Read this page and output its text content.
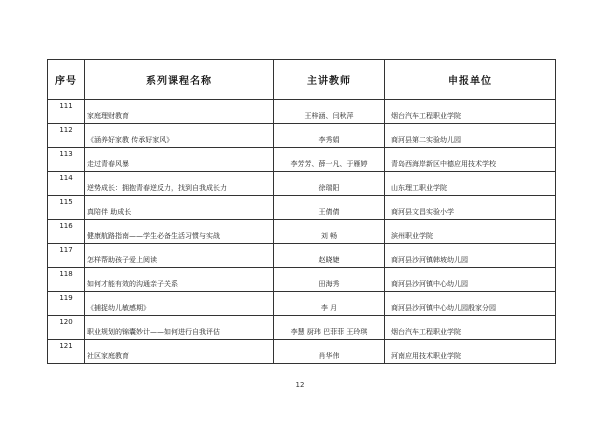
序号	系列课程名称	主讲教师	申报单位
111	家庭理财教育	王梓涵、闫秋萍	烟台汽车工程职业学院
112	《涵养好家教 传承好家风》	李秀娟	商河县第二实验幼儿园
113	走过青春风暴	李芳芳、薛一凡、于雁婷	青岛西海岸新区中德应用技术学校
114	逆势成长：拥抱青春逆反力，找到自我成长力	徐瑞阳	山东理工职业学院
115	真陪伴 助成长	王倩倩	商河县文昌实验小学
116	健康航路指南——学生必备生活习惯与实战	刘 畅	滨州职业学院
117	怎样帮助孩子爱上阅读	赵晓婕	商河县沙河镇韩坡幼儿园
118	如何才能有效的沟通亲子关系	田海秀	商河县沙河镇中心幼儿园
119	《捕捉幼儿敏感期》	李 月	商河县沙河镇中心幼儿园殷家分园
120	职业规划的锦囊妙计——如何进行自我评估	李慧 厨玮 巴菲菲 王玲琪	烟台汽车工程职业学院
121	社区家庭教育	肖华伟	河南应用技术职业学院
12
